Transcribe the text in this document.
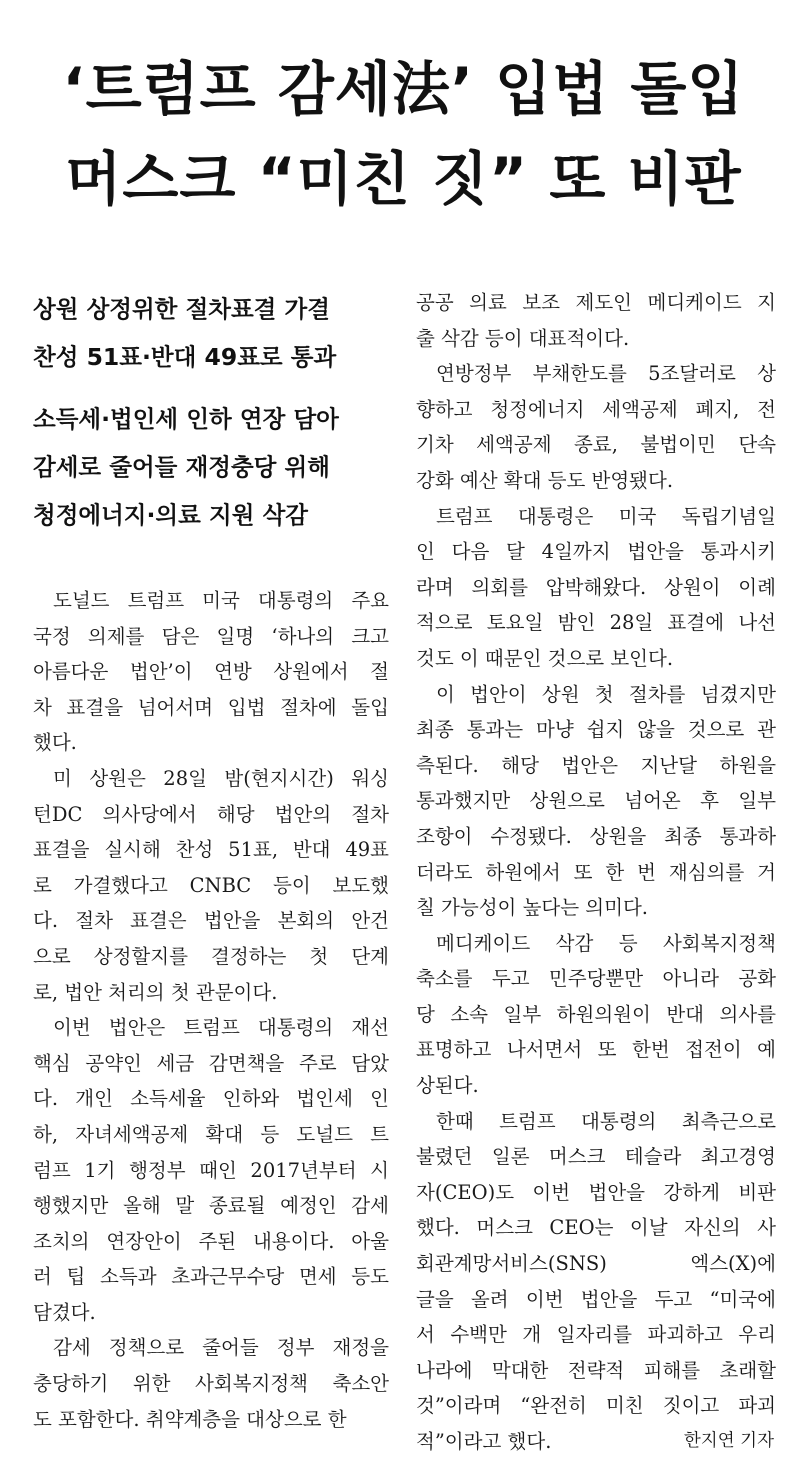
‘트럼프 감세法’ 입법 돌입
머스크 “미친 짓” 또 비판
상원 상정위한 절차표결 가결
찬성 51표·반대 49표로 통과
소득세·법인세 인하 연장 담아
감세로 줄어들 재정충당 위해
청정에너지·의료 지원 삭감
도널드 트럼프 미국 대통령의 주요
국정 의제를 담은 일명 ‘하나의 크고
아름다운 법안’이 연방 상원에서 절
차 표결을 넘어서며 입법 절차에 돌입
했다.
미 상원은 28일 밤(현지시간) 워싱
턴DC 의사당에서 해당 법안의 절차
표결을 실시해 찬성 51표, 반대 49표
로 가결했다고 CNBC 등이 보도했
다. 절차 표결은 법안을 본회의 안건
으로 상정할지를 결정하는 첫 단계
로, 법안 처리의 첫 관문이다.
이번 법안은 트럼프 대통령의 재선
핵심 공약인 세금 감면책을 주로 담았
다. 개인 소득세율 인하와 법인세 인
하, 자녀세액공제 확대 등 도널드 트
럼프 1기 행정부 때인 2017년부터 시
행했지만 올해 말 종료될 예정인 감세
조치의 연장안이 주된 내용이다. 아울
러 팁 소득과 초과근무수당 면세 등도
담겼다.
감세 정책으로 줄어들 정부 재정을
충당하기 위한 사회복지정책 축소안
도 포함한다. 취약계층을 대상으로 한
공공 의료 보조 제도인 메디케이드 지
출 삭감 등이 대표적이다.
연방정부 부채한도를 5조달러로 상
향하고 청정에너지 세액공제 폐지, 전
기차 세액공제 종료, 불법이민 단속
강화 예산 확대 등도 반영됐다.
트럼프 대통령은 미국 독립기념일
인 다음 달 4일까지 법안을 통과시키
라며 의회를 압박해왔다. 상원이 이례
적으로 토요일 밤인 28일 표결에 나선
것도 이 때문인 것으로 보인다.
이 법안이 상원 첫 절차를 넘겼지만
최종 통과는 마냥 쉽지 않을 것으로 관
측된다. 해당 법안은 지난달 하원을
통과했지만 상원으로 넘어온 후 일부
조항이 수정됐다. 상원을 최종 통과하
더라도 하원에서 또 한 번 재심의를 거
칠 가능성이 높다는 의미다.
메디케이드 삭감 등 사회복지정책
축소를 두고 민주당뿐만 아니라 공화
당 소속 일부 하원의원이 반대 의사를
표명하고 나서면서 또 한번 접전이 예
상된다.
한때 트럼프 대통령의 최측근으로
불렸던 일론 머스크 테슬라 최고경영
자(CEO)도 이번 법안을 강하게 비판
했다. 머스크 CEO는 이날 자신의 사
회관계망서비스(SNS) 엑스(X)에
글을 올려 이번 법안을 두고 “미국에
서 수백만 개 일자리를 파괴하고 우리
나라에 막대한 전략적 피해를 초래할
것”이라며 “완전히 미친 짓이고 파괴
적”이라고 했다.	한지연 기자
